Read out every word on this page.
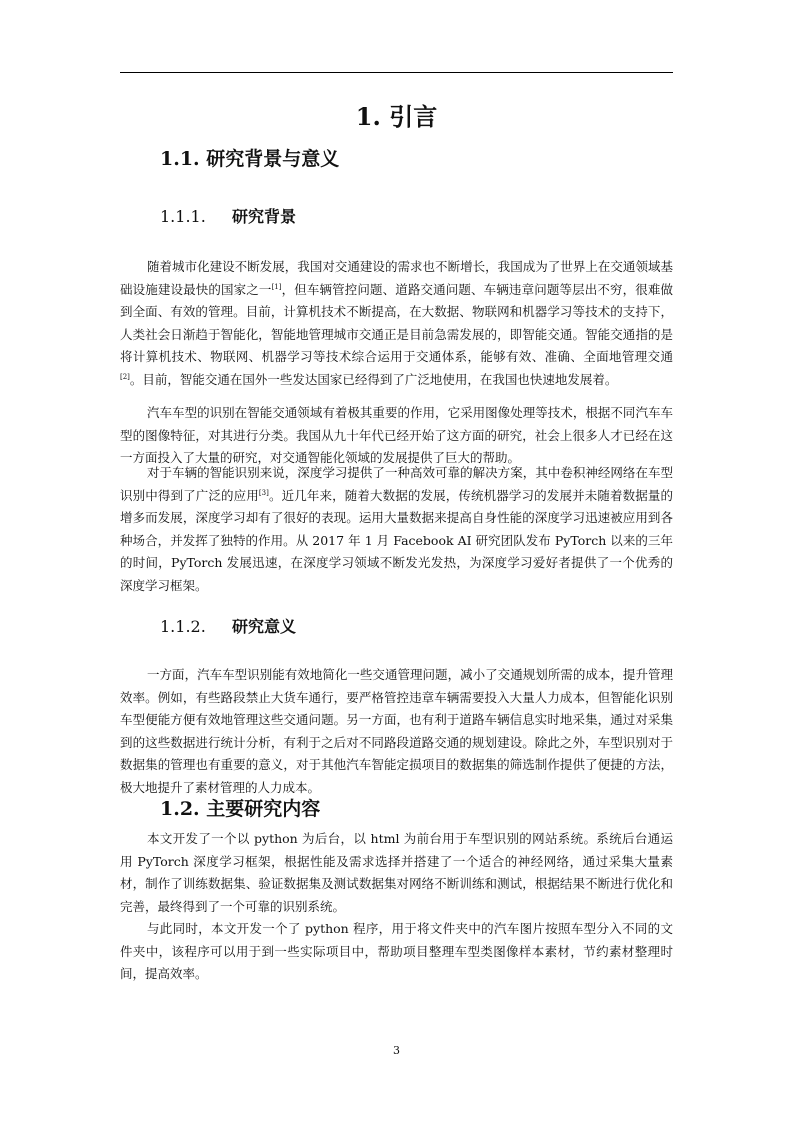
1. 引言
1.1. 研究背景与意义
1.1.1. 研究背景
随着城市化建设不断发展，我国对交通建设的需求也不断增长，我国成为了世界上在交通领域基础设施建设最快的国家之一[1]，但车辆管控问题、道路交通问题、车辆违章问题等层出不穷，很难做到全面、有效的管理。目前，计算机技术不断提高，在大数据、物联网和机器学习等技术的支持下，人类社会日渐趋于智能化，智能地管理城市交通正是目前急需发展的，即智能交通。智能交通指的是将计算机技术、物联网、机器学习等技术综合运用于交通体系，能够有效、准确、全面地管理交通[2]。目前，智能交通在国外一些发达国家已经得到了广泛地使用，在我国也快速地发展着。
汽车车型的识别在智能交通领域有着极其重要的作用，它采用图像处理等技术，根据不同汽车车型的图像特征，对其进行分类。我国从九十年代已经开始了这方面的研究，社会上很多人才已经在这一方面投入了大量的研究，对交通智能化领域的发展提供了巨大的帮助。
对于车辆的智能识别来说，深度学习提供了一种高效可靠的解决方案，其中卷积神经网络在车型识别中得到了广泛的应用[3]。近几年来，随着大数据的发展，传统机器学习的发展并未随着数据量的增多而发展，深度学习却有了很好的表现。运用大量数据来提高自身性能的深度学习迅速被应用到各种场合，并发挥了独特的作用。从 2017 年 1 月 Facebook AI 研究团队发布 PyTorch 以来的三年的时间，PyTorch 发展迅速，在深度学习领域不断发光发热，为深度学习爱好者提供了一个优秀的深度学习框架。
1.1.2. 研究意义
一方面，汽车车型识别能有效地简化一些交通管理问题，减小了交通规划所需的成本，提升管理效率。例如，有些路段禁止大货车通行，要严格管控违章车辆需要投入大量人力成本，但智能化识别车型便能方便有效地管理这些交通问题。另一方面，也有利于道路车辆信息实时地采集，通过对采集到的这些数据进行统计分析，有利于之后对不同路段道路交通的规划建设。除此之外，车型识别对于数据集的管理也有重要的意义，对于其他汽车智能定损项目的数据集的筛选制作提供了便捷的方法，极大地提升了素材管理的人力成本。
1.2. 主要研究内容
本文开发了一个以 python 为后台，以 html 为前台用于车型识别的网站系统。系统后台通运用 PyTorch 深度学习框架，根据性能及需求选择并搭建了一个适合的神经网络，通过采集大量素材，制作了训练数据集、验证数据集及测试数据集对网络不断训练和测试，根据结果不断进行优化和完善，最终得到了一个可靠的识别系统。
与此同时，本文开发一个了 python 程序，用于将文件夹中的汽车图片按照车型分入不同的文件夹中，该程序可以用于到一些实际项目中，帮助项目整理车型类图像样本素材，节约素材整理时间，提高效率。
3
